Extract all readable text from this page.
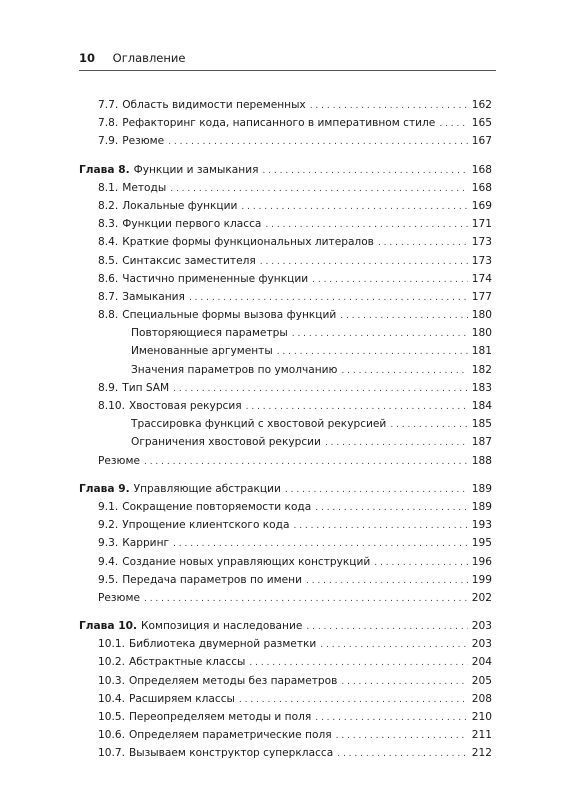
10 Оглавление
7.7. Область видимости переменных . . .	162
7.8. Рефакторинг кода, написанного в императивном стиле . . .	165
7.9. Резюме . . .	167
Глава 8. Функции и замыкания . . .	168
8.1. Методы . . .	168
8.2. Локальные функции . . .	169
8.3. Функции первого класса . . .	171
8.4. Краткие формы функциональных литералов . . .	173
8.5. Синтаксис заместителя . . .	173
8.6. Частично примененные функции . . .	174
8.7. Замыкания . . .	177
8.8. Специальные формы вызова функций . . .	180
Повторяющиеся параметры . . .	180
Именованные аргументы . . .	181
Значения параметров по умолчанию . . .	182
8.9. Тип SAM . . .	183
8.10. Хвостовая рекурсия . . .	184
Трассировка функций с хвостовой рекурсией . . .	185
Ограничения хвостовой рекурсии . . .	187
Резюме . . .	188
Глава 9. Управляющие абстракции . . .	189
9.1. Сокращение повторяемости кода . . .	189
9.2. Упрощение клиентского кода . . .	193
9.3. Карринг . . .	195
9.4. Создание новых управляющих конструкций . . .	196
9.5. Передача параметров по имени . . .	199
Резюме . . .	202
Глава 10. Композиция и наследование . . .	203
10.1. Библиотека двумерной разметки . . .	203
10.2. Абстрактные классы . . .	204
10.3. Определяем методы без параметров . . .	205
10.4. Расширяем классы . . .	208
10.5. Переопределяем методы и поля . . .	210
10.6. Определяем параметрические поля . . .	211
10.7. Вызываем конструктор суперкласса . . .	212
